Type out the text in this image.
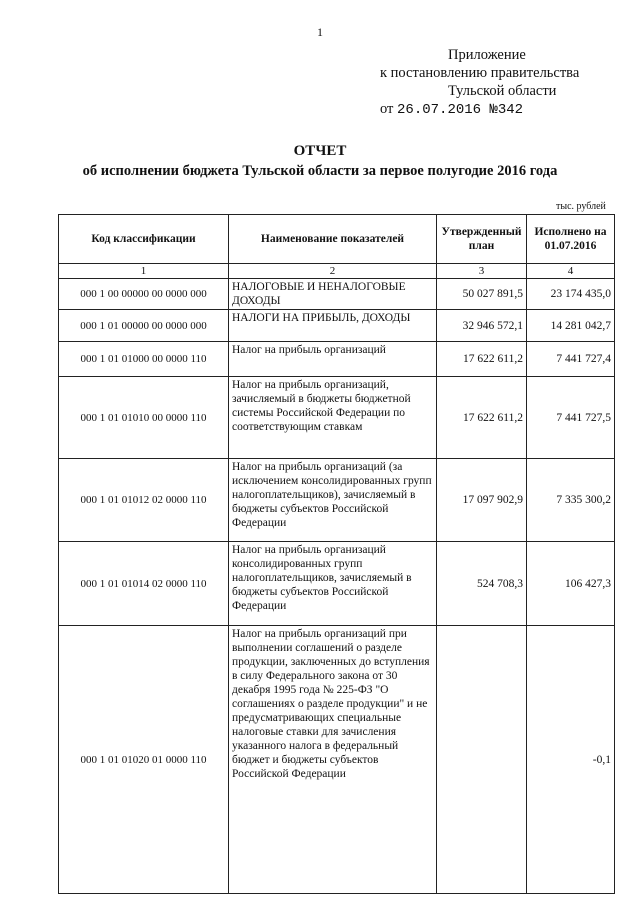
1
Приложение
к постановлению правительства
Тульской области
от 26.07.2016 №342
ОТЧЕТ
об исполнении бюджета Тульской области за первое полугодие 2016 года
тыс. рублей
Код классификации	Наименование показателей	Утвержденный план	Исполнено на 01.07.2016
1	2	3	4
000 1 00 00000 00 0000 000	НАЛОГОВЫЕ И НЕНАЛОГОВЫЕ ДОХОДЫ	50 027 891,5	23 174 435,0
000 1 01 00000 00 0000 000	НАЛОГИ НА ПРИБЫЛЬ, ДОХОДЫ	32 946 572,1	14 281 042,7
000 1 01 01000 00 0000 110	Налог на прибыль организаций	17 622 611,2	7 441 727,4
000 1 01 01010 00 0000 110	Налог на прибыль организаций, зачисляемый в бюджеты бюджетной системы Российской Федерации по соответствующим ставкам	17 622 611,2	7 441 727,5
000 1 01 01012 02 0000 110	Налог на прибыль организаций (за исключением консолидированных групп налогоплательщиков), зачисляемый в бюджеты субъектов Российской Федерации	17 097 902,9	7 335 300,2
000 1 01 01014 02 0000 110	Налог на прибыль организаций консолидированных групп налогоплательщиков, зачисляемый в бюджеты субъектов Российской Федерации	524 708,3	106 427,3
000 1 01 01020 01 0000 110	Налог на прибыль организаций при выполнении соглашений о разделе продукции, заключенных до вступления в силу Федерального закона от 30 декабря 1995 года № 225-ФЗ "О соглашениях о разделе продукции" и не предусматривающих специальные налоговые ставки для зачисления указанного налога в федеральный бюджет и бюджеты субъектов Российской Федерации		-0,1
